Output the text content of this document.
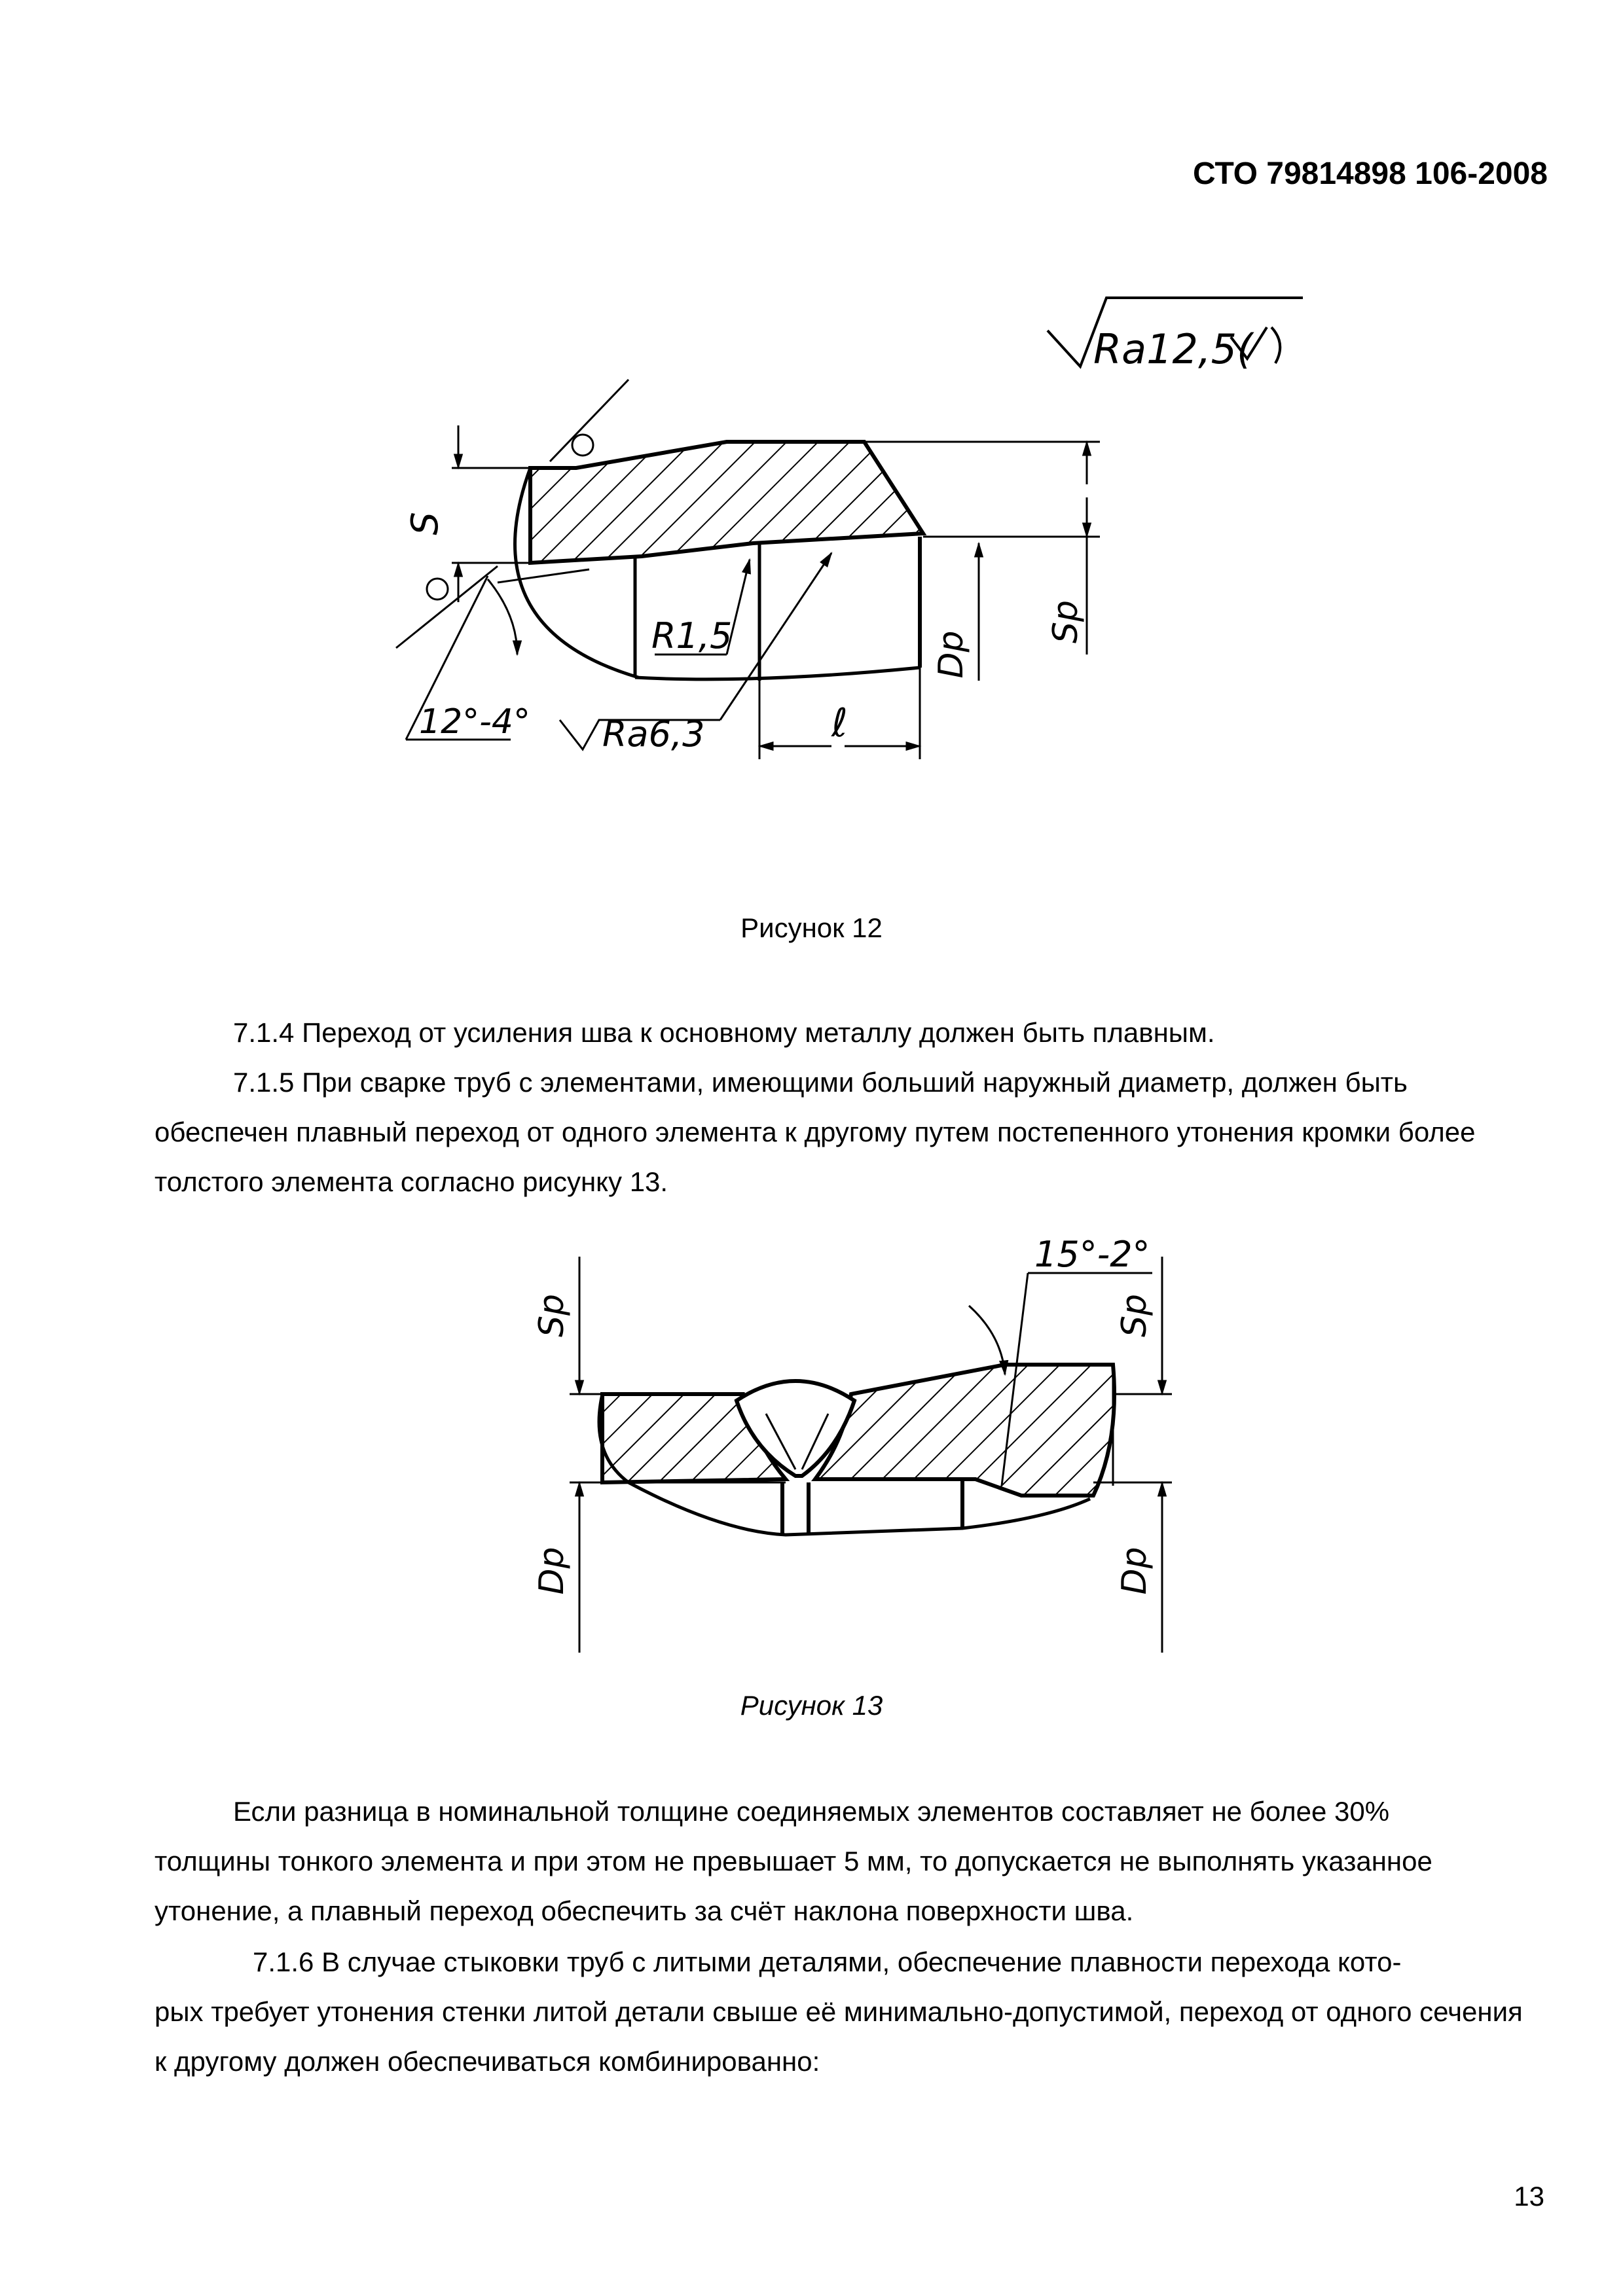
СТО 79814898 106-2008
Ra12,5(
S
Sp
Dp
R1,5
Ra6,3	ℓ
12°-4°
Рисунок 12

7.1.4 Переход от усиления шва к основному металлу должен быть плавным.

7.1.5 При сварке труб с элементами, имеющими больший наружный диаметр, должен быть

обеспечен плавный переход от одного элемента к другому путем постепенного утонения кромки более толстого элемента согласно рисунку 13.

Sp
Dp
Sp
Dp
15°-2°
Рисунок 13

Если разница в номинальной толщине соединяемых элементов составляет не более 30%

толщины тонкого элемента и при этом не превышает 5 мм, то допускается не выполнять указанное утонение, а плавный переход обеспечить за счёт наклона поверхности шва.

7.1.6 В случае стыковки труб с литыми деталями, обеспечение плавности перехода кото-

рых требует утонения стенки литой детали свыше её минимально-допустимой, переход от одного сечения к другому должен обеспечиваться комбинированно:

13
